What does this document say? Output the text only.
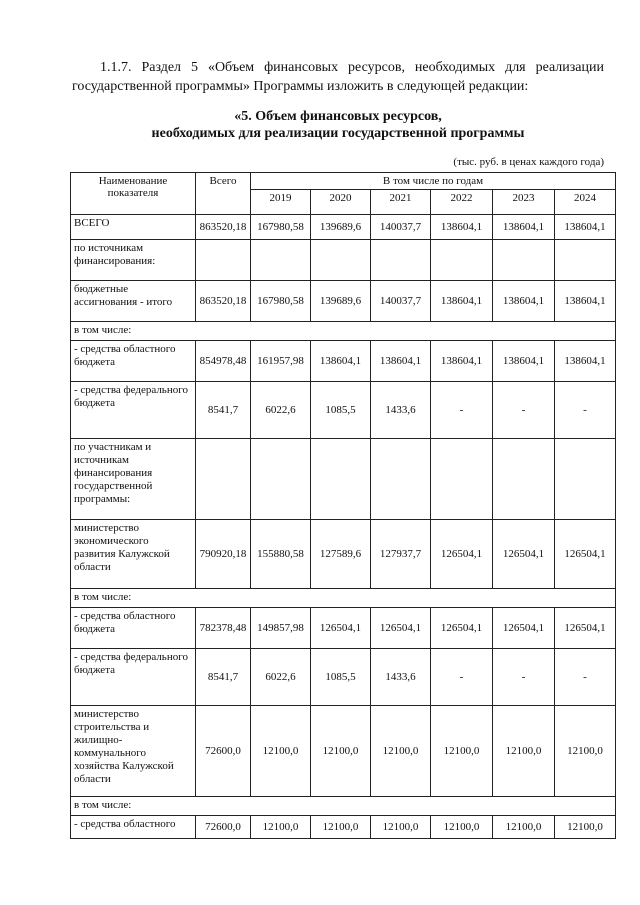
1.1.7. Раздел 5 «Объем финансовых ресурсов, необходимых для реализации государственной программы» Программы изложить в следующей редакции:

«5. Объем финансовых ресурсов,
необходимых для реализации государственной программы
(тыс. руб. в ценах каждого года)
Наименование показателя	Всего	В том числе по годам					
		2019	2020	2021	2022	2023	2024
ВСЕГО	863520,18	167980,58	139689,6	140037,7	138604,1	138604,1	138604,1
по источникам финансирования:							
бюджетные ассигнования - итого	863520,18	167980,58	139689,6	140037,7	138604,1	138604,1	138604,1
в том числе:							
- средства областного бюджета	854978,48	161957,98	138604,1	138604,1	138604,1	138604,1	138604,1
- средства федерального бюджета	8541,7	6022,6	1085,5	1433,6	-	-	-
по участникам и источникам финансирования государственной программы:							
министерство экономического развития Калужской области	790920,18	155880,58	127589,6	127937,7	126504,1	126504,1	126504,1
в том числе:							
- средства областного бюджета	782378,48	149857,98	126504,1	126504,1	126504,1	126504,1	126504,1
- средства федерального бюджета	8541,7	6022,6	1085,5	1433,6	-	-	-
министерство строительства и жилищно-коммунального хозяйства Калужской области	72600,0	12100,0	12100,0	12100,0	12100,0	12100,0	12100,0
в том числе:							
- средства областного	72600,0	12100,0	12100,0	12100,0	12100,0	12100,0	12100,0
